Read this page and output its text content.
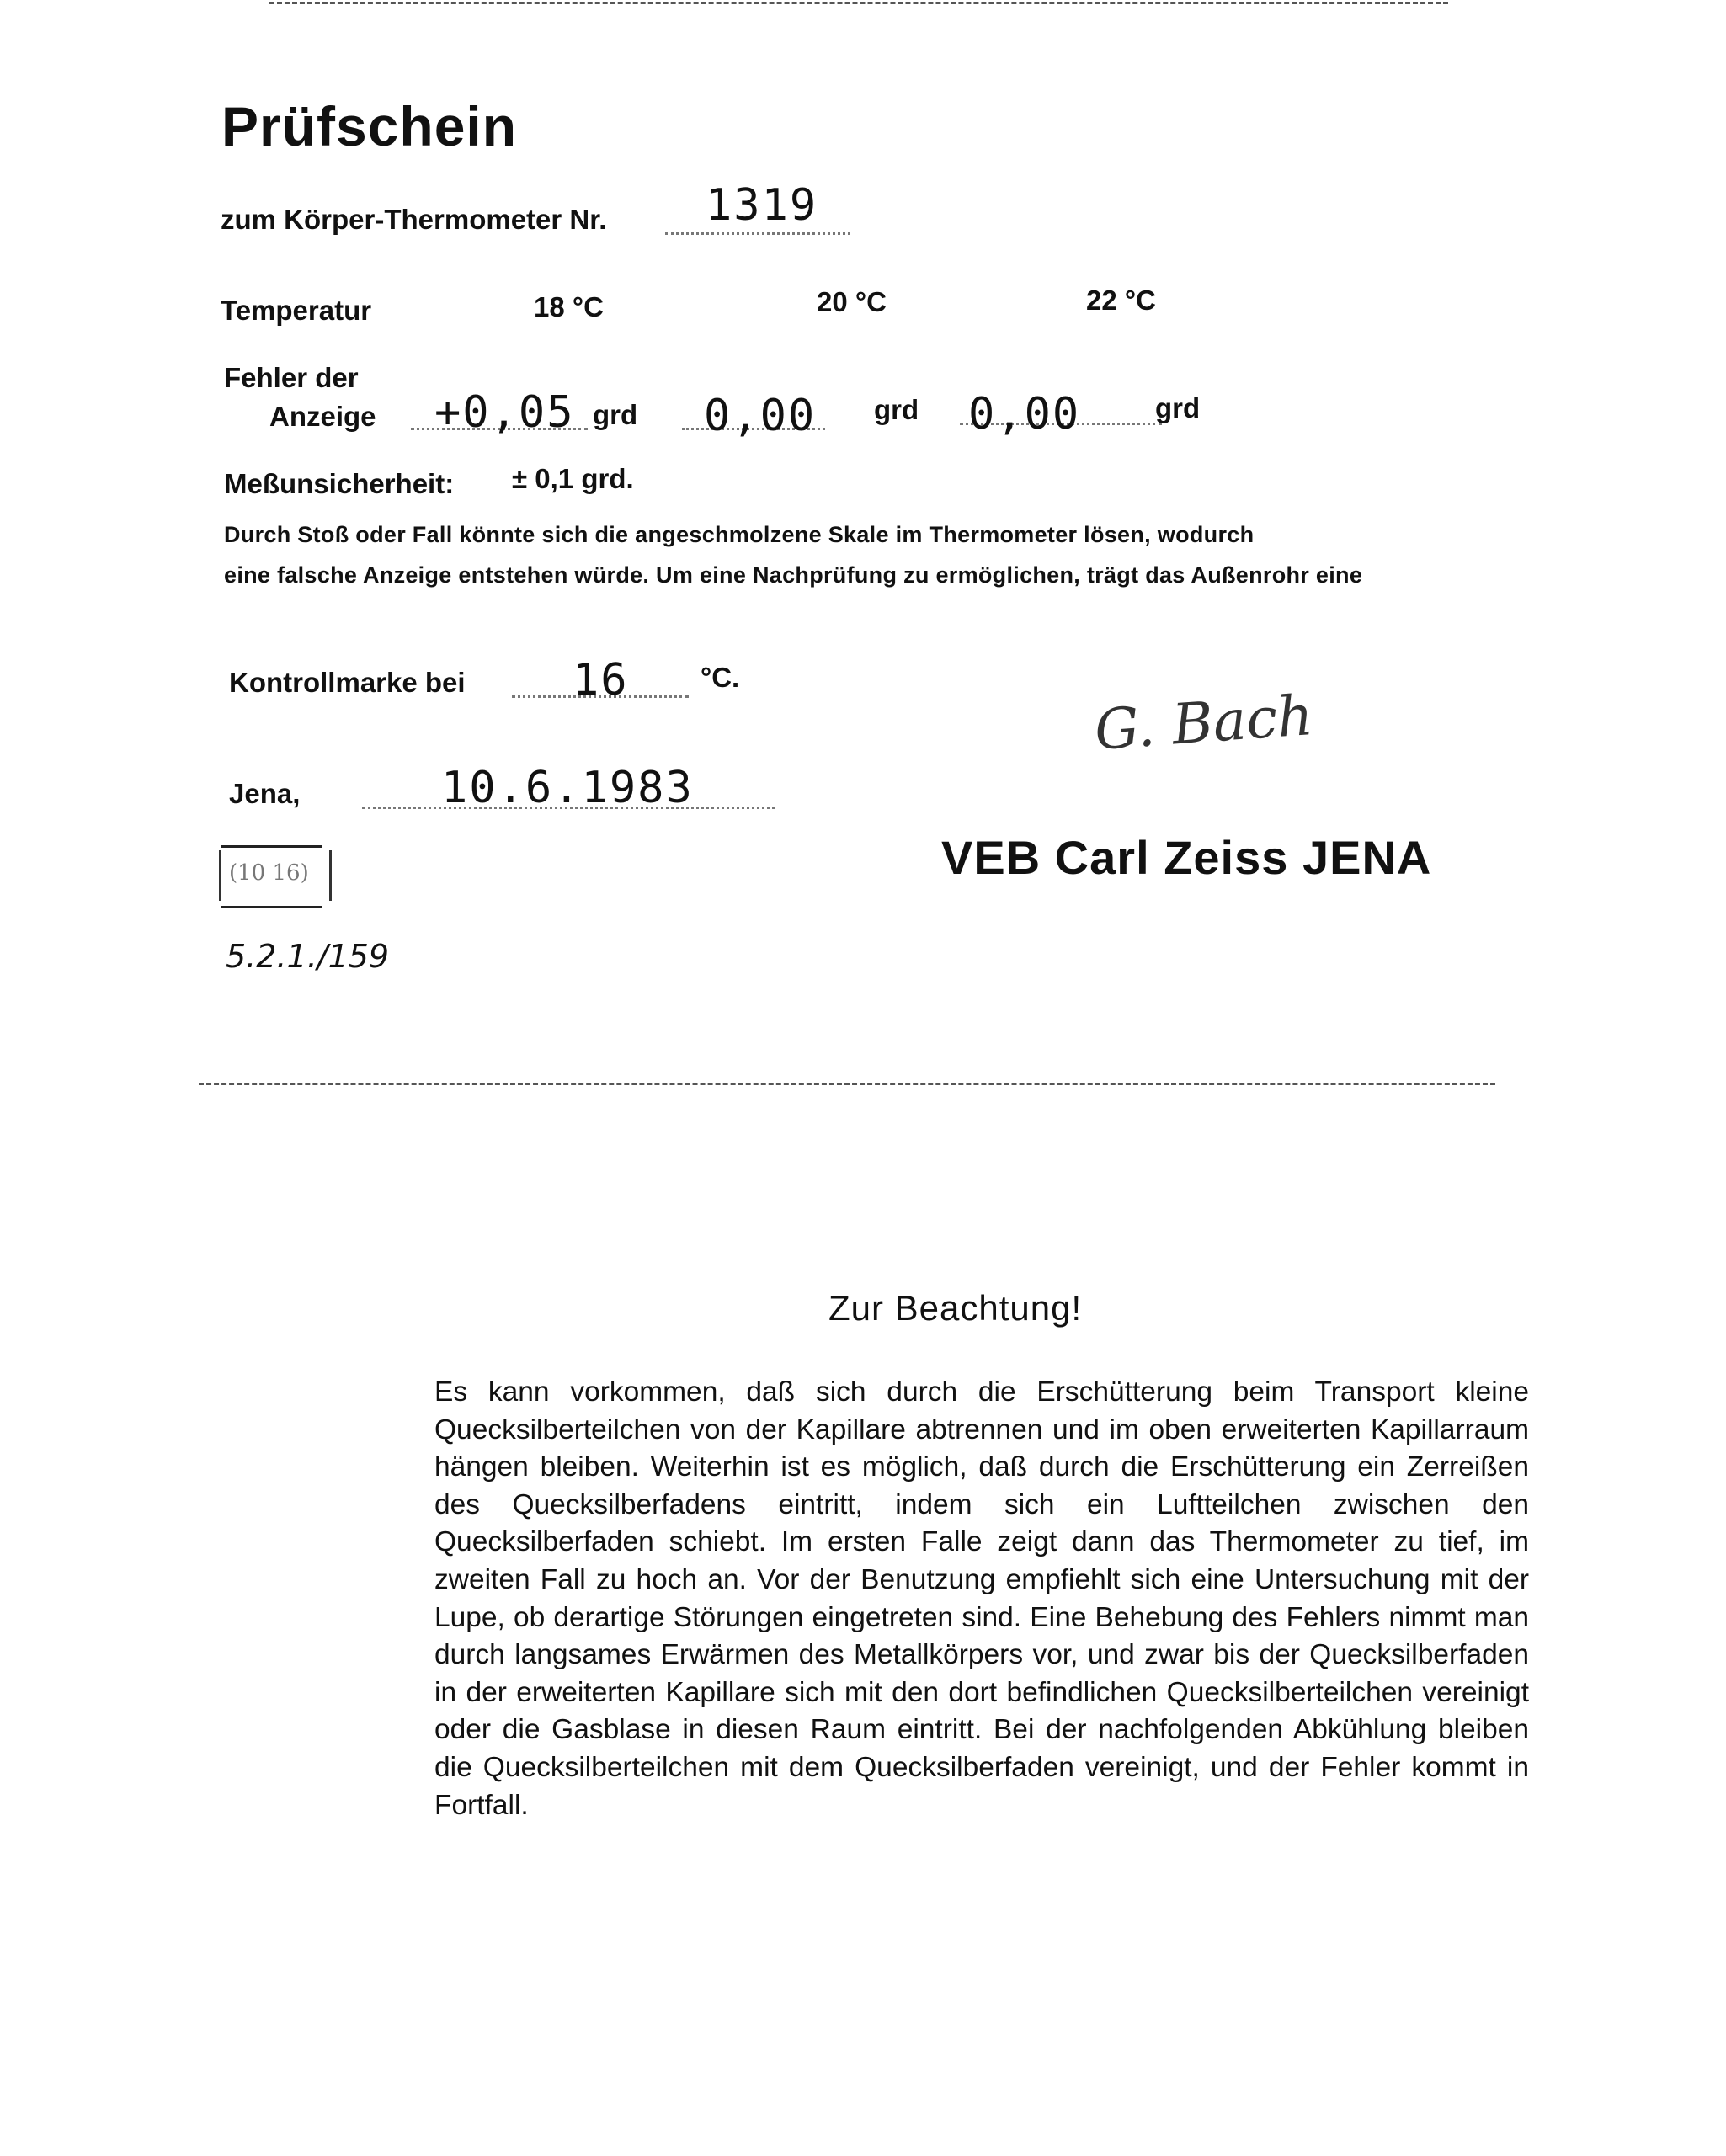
Prüfschein
zum Körper-Thermometer Nr. 1319
Temperatur	18 °C	20 °C	22 °C
Fehler der
Anzeige +0,05 grd 0,00 grd 0,00	grd
Meßunsicherheit: ± 0,1 grd.
Durch Stoß oder Fall könnte sich die angeschmolzene Skale im Thermometer lösen, wodurch
eine falsche Anzeige entstehen würde. Um eine Nachprüfung zu ermöglichen, trägt das Außenrohr eine
Kontrollmarke bei 16	°C.
G. Bach
Jena,	10.6.1983
VEB Carl Zeiss JENA
(10 16)
5.2.1./159
Zur Beachtung!
Es kann vorkommen, daß sich durch die Erschütterung beim Transport kleine Quecksilberteilchen von der Kapillare abtrennen und im oben erweiterten Kapillarraum hängen bleiben. Weiterhin ist es möglich, daß durch die Erschütterung ein Zerreißen des Quecksilberfadens eintritt, indem sich ein Luftteilchen zwischen den Quecksilberfaden schiebt. Im ersten Falle zeigt dann das Thermometer zu tief, im zweiten Fall zu hoch an. Vor der Benutzung empfiehlt sich eine Untersuchung mit der Lupe, ob derartige Störungen eingetreten sind. Eine Behebung des Fehlers nimmt man durch langsames Erwärmen des Metallkörpers vor, und zwar bis der Quecksilberfaden in der erweiterten Kapillare sich mit den dort befindlichen Quecksilberteilchen vereinigt oder die Gasblase in diesen Raum eintritt. Bei der nachfolgenden Abkühlung bleiben die Quecksilberteilchen mit dem Quecksilberfaden vereinigt, und der Fehler kommt in Fortfall.
